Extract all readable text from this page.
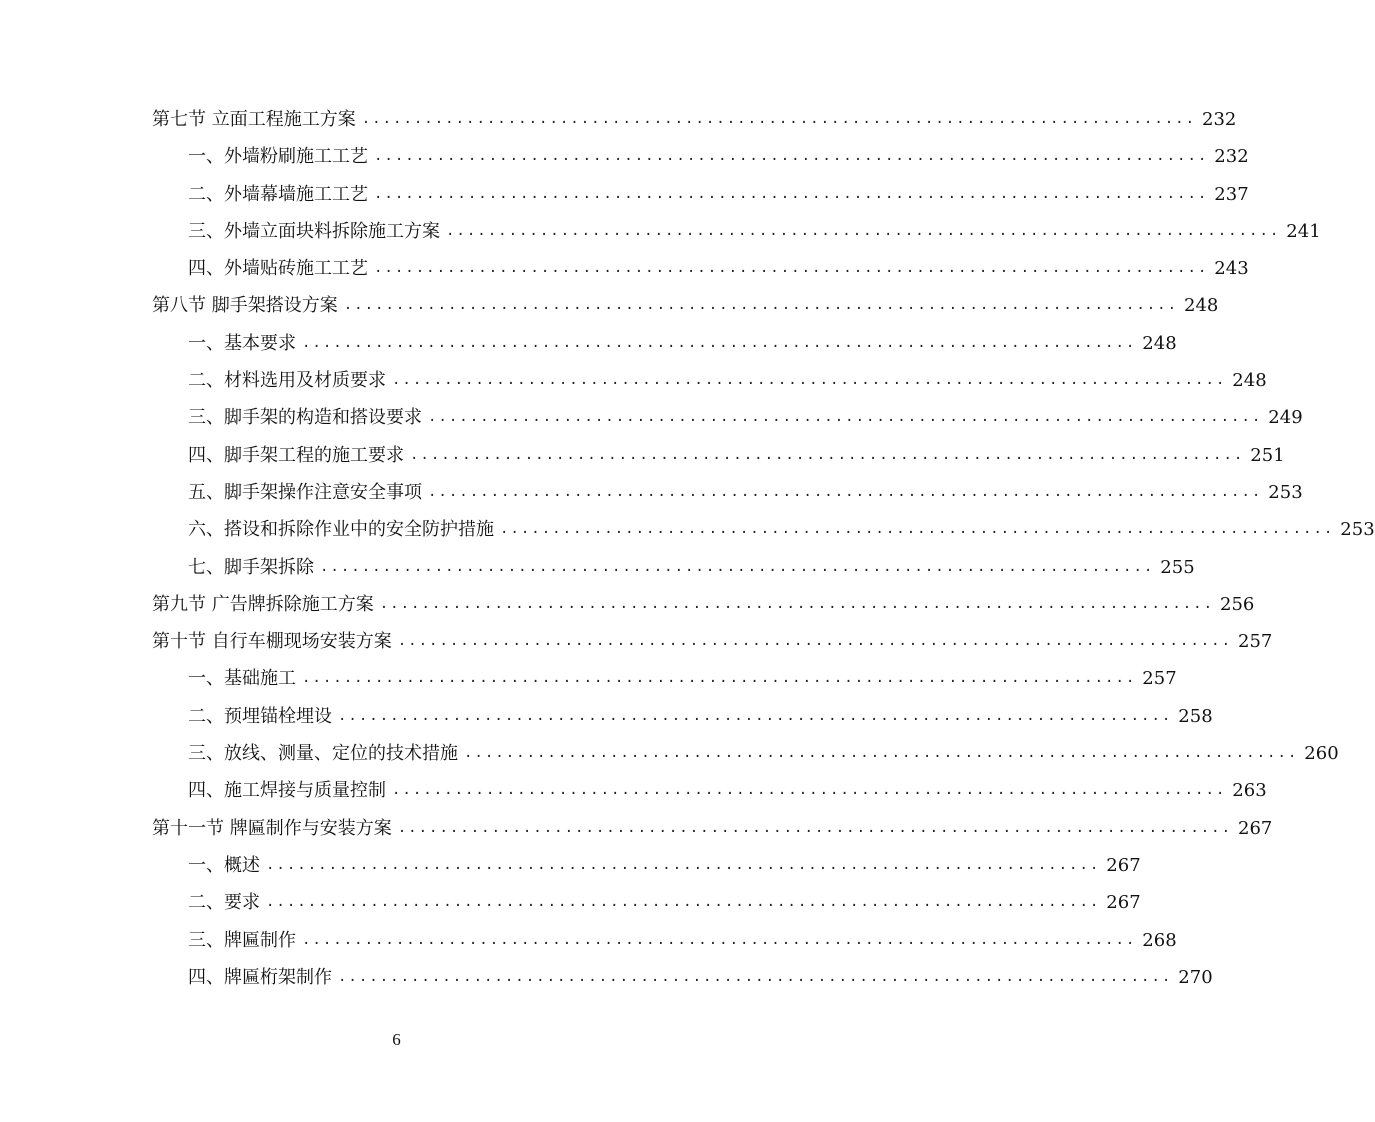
第七节 立面工程施工方案 ................................................................................ 232
一、外墙粉刷施工工艺 ................................................................................ 232
二、外墙幕墙施工工艺 ................................................................................ 237
三、外墙立面块料拆除施工方案 ................................................................................ 241
四、外墙贴砖施工工艺 ................................................................................ 243
第八节 脚手架搭设方案 ................................................................................ 248
一、基本要求 ................................................................................ 248
二、材料选用及材质要求 ................................................................................ 248
三、脚手架的构造和搭设要求 ................................................................................ 249
四、脚手架工程的施工要求 ................................................................................ 251
五、脚手架操作注意安全事项 ................................................................................ 253
六、搭设和拆除作业中的安全防护措施 ................................................................................ 253
七、脚手架拆除 ................................................................................ 255
第九节 广告牌拆除施工方案 ................................................................................ 256
第十节 自行车棚现场安装方案 ................................................................................ 257
一、基础施工 ................................................................................ 257
二、预埋锚栓埋设 ................................................................................ 258
三、放线、测量、定位的技术措施 ................................................................................ 260
四、施工焊接与质量控制 ................................................................................ 263
第十一节 牌匾制作与安装方案 ................................................................................ 267
一、概述 ................................................................................ 267
二、要求 ................................................................................ 267
三、牌匾制作 ................................................................................ 268
四、牌匾桁架制作 ................................................................................ 270
6
